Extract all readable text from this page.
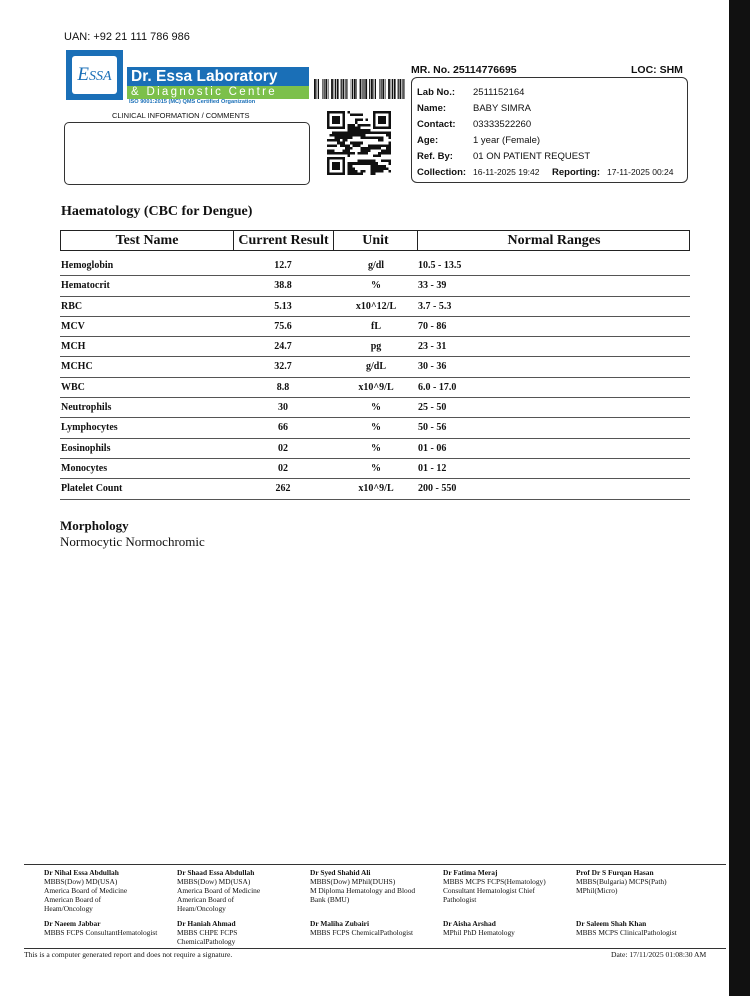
UAN: +92 21 111 786 986
ESSA	Dr. Essa Laboratory
& Diagnostic Centre
ISO 9001:2015 (MC) QMS Certified Organization
CLINICAL INFORMATION / COMMENTS
MR. No. 25114776695	LOC: SHM
Lab No.: 2511152164
Name:	BABY SIMRA
Contact: 03333522260
Age:	1 year (Female)
Ref. By: 01 ON PATIENT REQUEST
Collection: 16-11-2025 19:42 Reporting: 17-11-2025 00:24
Haematology (CBC for Dengue)
Test Name	Current Result	Unit	Normal Ranges
Hemoglobin	12.7	g/dl	10.5 - 13.5
Hematocrit	38.8	%	33 - 39
RBC	5.13	x10^12/L	3.7 - 5.3
MCV	75.6	fL	70 - 86
MCH	24.7	pg	23 - 31
MCHC	32.7	g/dL	30 - 36
WBC	8.8	x10^9/L	6.0 - 17.0
Neutrophils	30	%	25 - 50
Lymphocytes	66	%	50 - 56
Eosinophils	02	%	01 - 06
Monocytes	02	%	01 - 12
Platelet Count	262	x10^9/L	200 - 550
Morphology
Normocytic Normochromic
Dr Nihal Essa Abdullah
MBBS(Dow) MD(USA)
America Board of Medicine
American Board of
Heam/Oncology
Dr Shaad Essa Abdullah
MBBS(Dow) MD(USA)
America Board of Medicine
American Board of
Heam/Oncology
Dr Syed Shahid Ali
MBBS(Dow) MPhil(DUHS)
M Diploma Hematology and Blood
Bank (BMU)
Dr Fatima Meraj
MBBS MCPS FCPS(Hematology)
Consultant Hematologist Chief
Pathologist
Prof Dr S Furqan Hasan
MBBS(Bulgaria) MCPS(Path)
MPhil(Micro)
Dr Naeem Jabbar
MBBS FCPS ConsultantHematologist
Dr Haniah Ahmad
MBBS CHPE FCPS
ChemicalPathology
Dr Maliha Zubairi
MBBS FCPS ChemicalPathologist
Dr Aisha Arshad
MPhil PhD Hematology
Dr Saleem Shah Khan
MBBS MCPS ClinicalPathologist
This is a computer generated report and does not require a signature.	Date: 17/11/2025 01:08:30 AM
